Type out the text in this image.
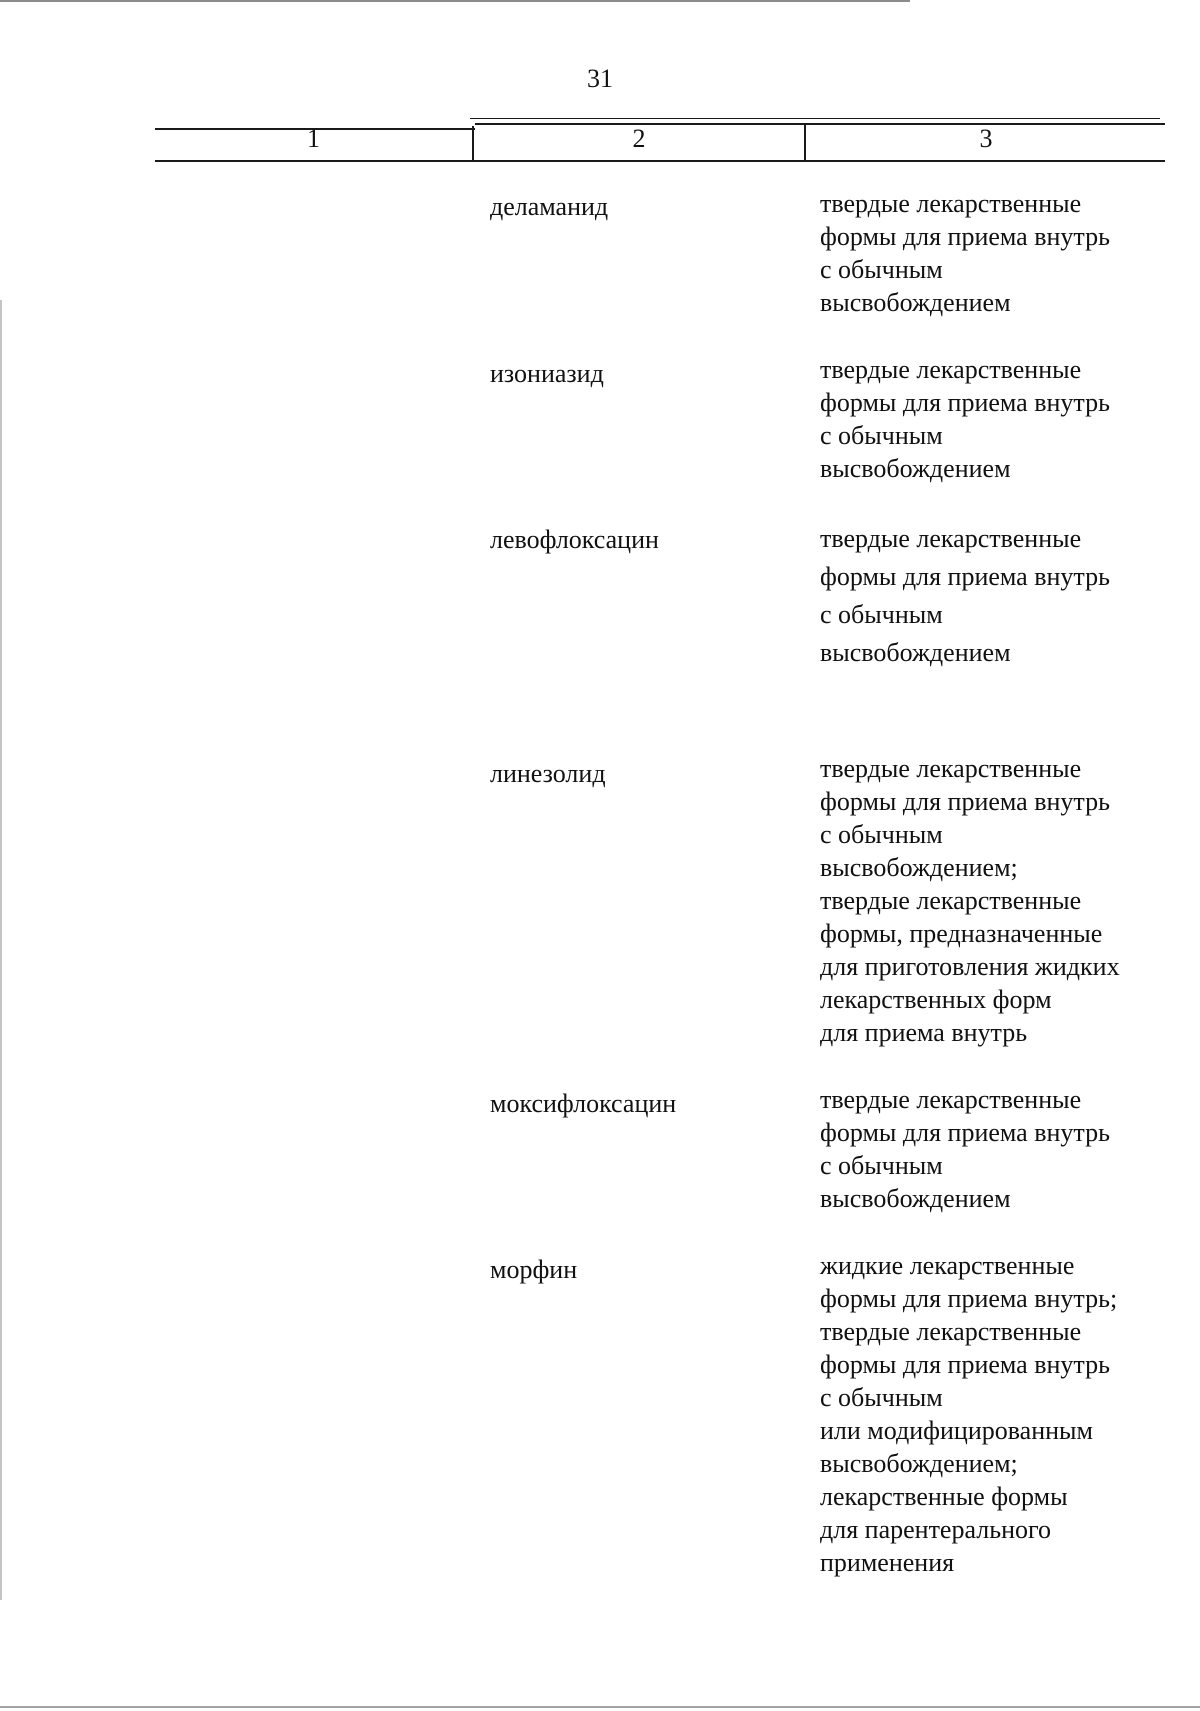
31
1	2	3
деламанид	твердые лекарственные
формы для приема внутрь
с обычным
высвобождением
изониазид	твердые лекарственные
формы для приема внутрь
с обычным
высвобождением
левофлоксацин	твердые лекарственные
формы для приема внутрь
с обычным
высвобождением
линезолид	твердые лекарственные
формы для приема внутрь
с обычным
высвобождением;
твердые лекарственные
формы, предназначенные
для приготовления жидких
лекарственных форм
для приема внутрь
моксифлоксацин	твердые лекарственные
формы для приема внутрь
с обычным
высвобождением
морфин	жидкие лекарственные
формы для приема внутрь;
твердые лекарственные
формы для приема внутрь
с обычным
или модифицированным
высвобождением;
лекарственные формы
для парентерального
применения
